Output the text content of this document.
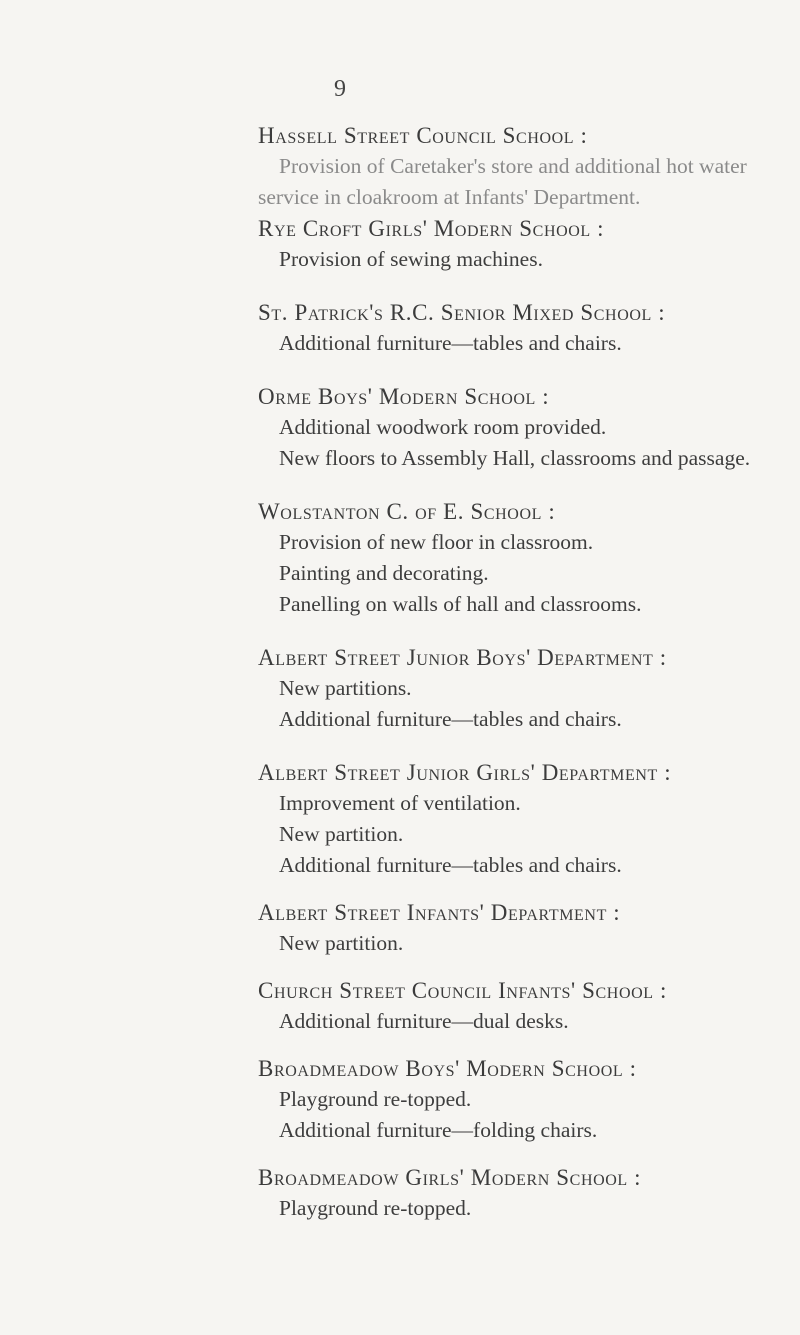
9

Hassell Street Council School :

Provision of Caretaker's store and additional hot water

service in cloakroom at Infants' Department.

Rye Croft Girls' Modern School :

Provision of sewing machines.

St. Patrick's R.C. Senior Mixed School :

Additional furniture—tables and chairs.

Orme Boys' Modern School :

Additional woodwork room provided.

New floors to Assembly Hall, classrooms and passage.

Wolstanton C. of E. School :

Provision of new floor in classroom.

Painting and decorating.

Panelling on walls of hall and classrooms.

Albert Street Junior Boys' Department :

New partitions.

Additional furniture—tables and chairs.

Albert Street Junior Girls' Department :

Improvement of ventilation.

New partition.

Additional furniture—tables and chairs.

Albert Street Infants' Department :

New partition.

Church Street Council Infants' School :

Additional furniture—dual desks.

Broadmeadow Boys' Modern School :

Playground re-topped.

Additional furniture—folding chairs.

Broadmeadow Girls' Modern School :

Playground re-topped.
